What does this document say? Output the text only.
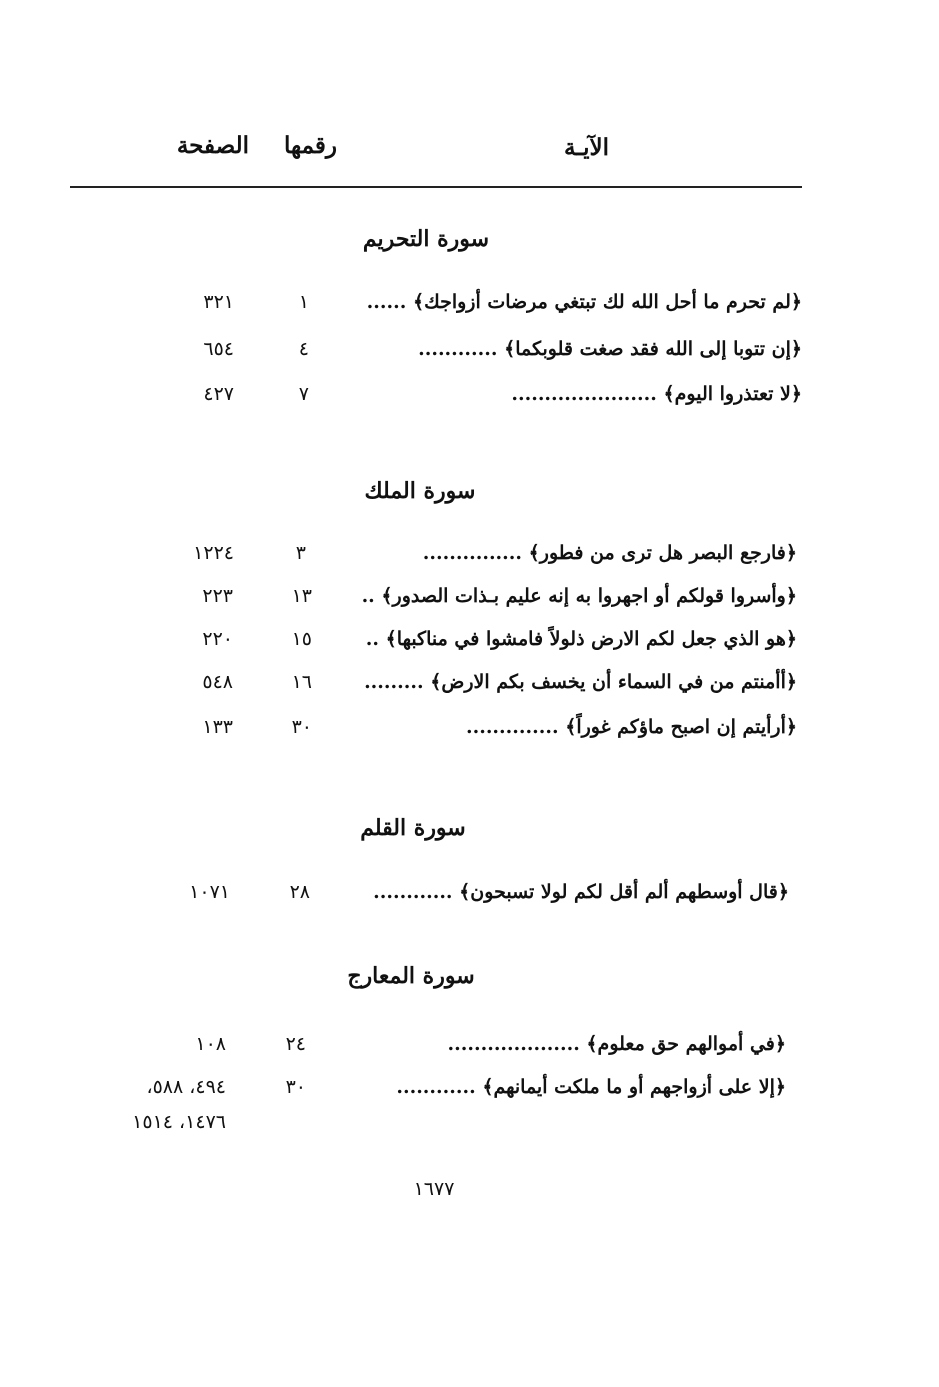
الآيـة
رقمها
الصفحة
سورة التحريم
﴿لم تحرم ما أحل الله لك تبتغي مرضات أزواجك﴾ ......
١
٣٢١
﴿إن تتوبا إلى الله فقد صغت قلوبكما﴾ ............
٤
٦٥٤
﴿لا تعتذروا اليوم﴾ ......................
٧
٤٢٧
سورة الملك
﴿فارجع البصر هل ترى من فطور﴾ ...............
٣
١٢٢٤
﴿وأسروا قولكم أو اجهروا به إنه عليم بـذات الصدور﴾ ..
١٣
٢٢٣
﴿هو الذي جعل لكم الارض ذلولاً فامشوا في مناكبها﴾ ..
١٥
٢٢٠
﴿أأمنتم من في السماء أن يخسف بكم الارض﴾ .........
١٦
٥٤٨
﴿أرأيتم إن اصبح ماؤكم غوراً﴾ ..............
٣٠
١٣٣
سورة القلم
﴿قال أوسطهم ألم أقل لكم لولا تسبحون﴾ ............
٢٨
١٠٧١
سورة المعارج
﴿في أموالهم حق معلوم﴾ ....................
٢٤
١٠٨
﴿إلا على أزواجهم أو ما ملكت أيمانهم﴾ ............
٣٠
٤٩٤، ٥٨٨،
١٤٧٦، ١٥١٤
١٦٧٧
